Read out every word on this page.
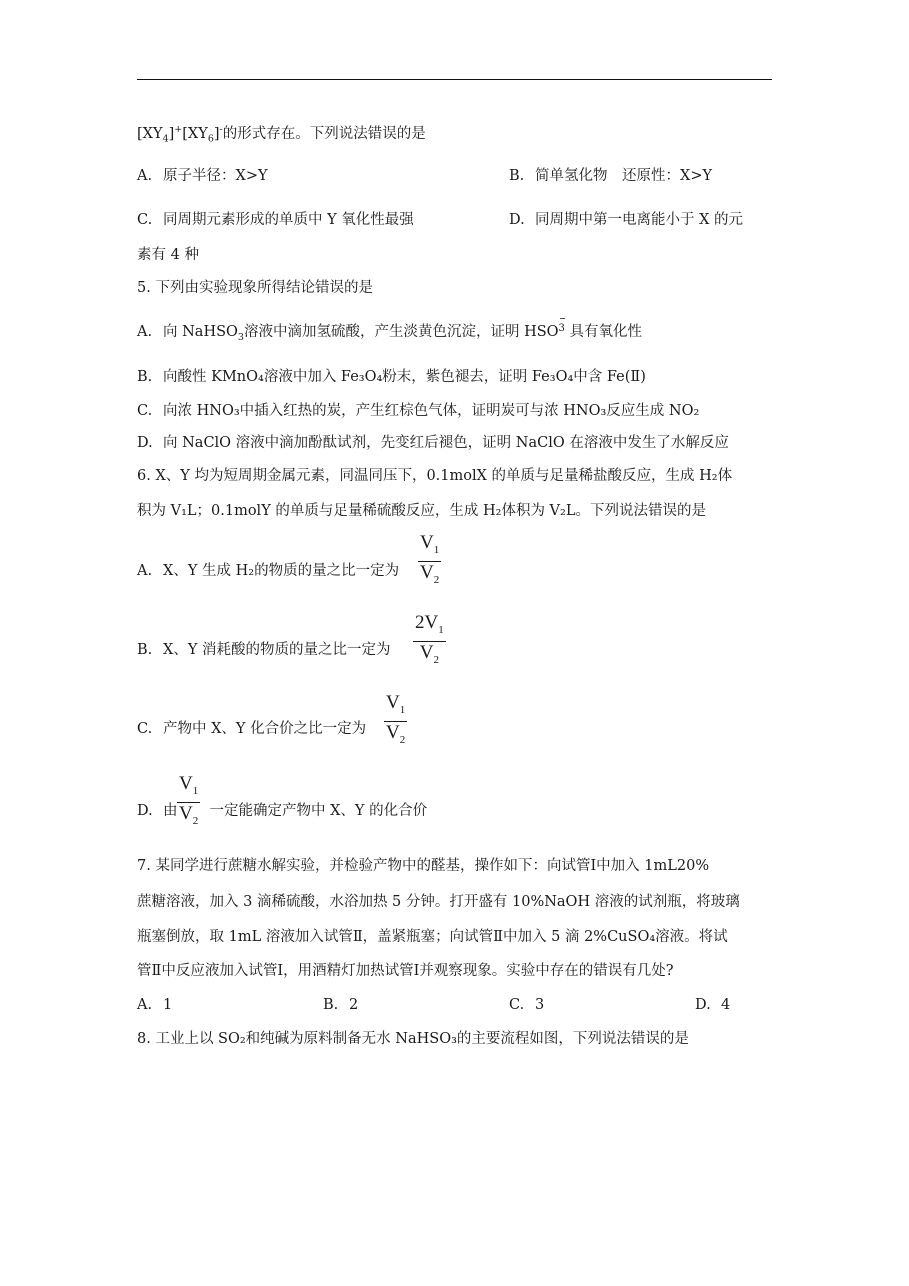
$[XY_4]^+[XY_6]^-$的形式存在。下列说法错误的是
A. 原子半径：X>Y	B. 简单氢化物　还原性：X>Y
C. 同周期元素形成的单质中 Y 氧化性最强	D. 同周期中第一电离能小于 X 的元
素有 4 种
5. 下列由实验现象所得结论错误的是
A. 向 NaHSO$_3$溶液中滴加氢硫酸，产生淡黄色沉淀，证明 HSO
–
$^3$ 具有氧化性
B. 向酸性 KMnO₄溶液中加入 Fe₃O₄粉末，紫色褪去，证明 Fe₃O₄中含 Fe(Ⅱ)
C. 向浓 HNO₃中插入红热的炭，产生红棕色气体，证明炭可与浓 HNO₃反应生成 NO₂
D. 向 NaClO 溶液中滴加酚酞试剂，先变红后褪色，证明 NaClO 在溶液中发生了水解反应
6. X、Y 均为短周期金属元素，同温同压下，0.1molX 的单质与足量稀盐酸反应，生成 H₂体
积为 V₁L；0.1molY 的单质与足量稀硫酸反应，生成 H₂体积为 V₂L。下列说法错误的是
A. X、Y 生成 H₂的物质的量之比一定为 $\frac{V_1}{V_2}$
B. X、Y 消耗酸的物质的量之比一定为 $\frac{2V_1}{V_2}$
C. 产物中 X、Y 化合价之比一定为 $\frac{V_1}{V_2}$
D. 由 一定能确定产物中 X、Y 的化合价
$\frac{V_1}{V_2}$
7. 某同学进行蔗糖水解实验，并检验产物中的醛基，操作如下：向试管Ⅰ中加入 1mL20%
蔗糖溶液，加入 3 滴稀硫酸，水浴加热 5 分钟。打开盛有 10%NaOH 溶液的试剂瓶，将玻璃
瓶塞倒放，取 1mL 溶液加入试管Ⅱ，盖紧瓶塞；向试管Ⅱ中加入 5 滴 2%CuSO₄溶液。将试
管Ⅱ中反应液加入试管Ⅰ，用酒精灯加热试管Ⅰ并观察现象。实验中存在的错误有几处?
A. 1	B. 2	C. 3	D. 4
8. 工业上以 SO₂和纯碱为原料制备无水 NaHSO₃的主要流程如图，下列说法错误的是
